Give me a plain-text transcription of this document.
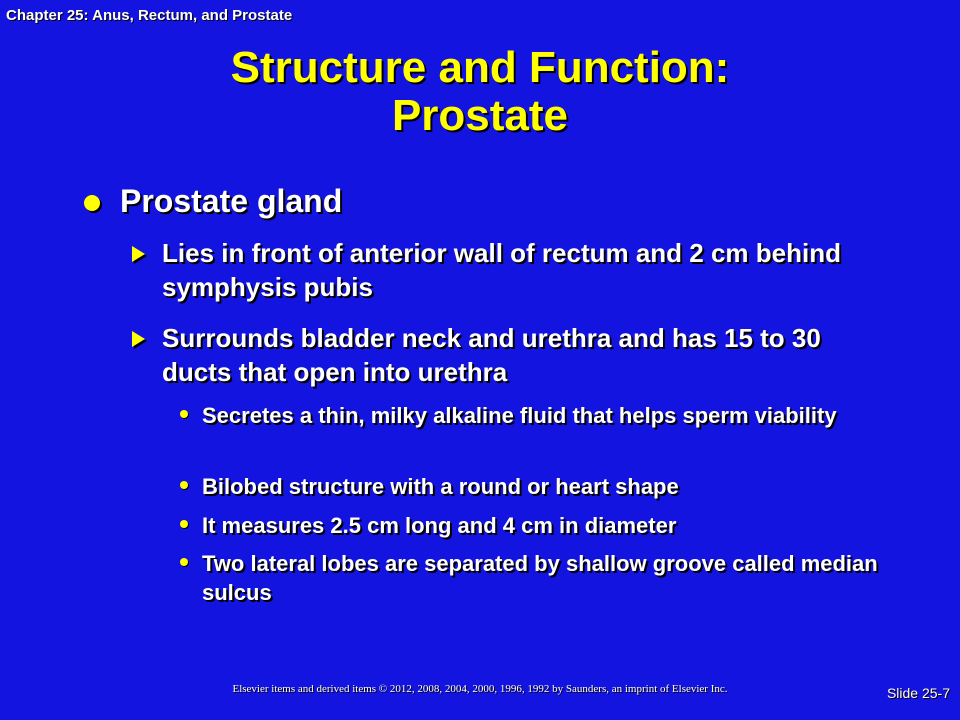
Chapter 25: Anus, Rectum, and Prostate
Structure and Function:
Prostate
Prostate gland
Lies in front of anterior wall of rectum and 2 cm behind symphysis pubis
Surrounds bladder neck and urethra and has 15 to 30 ducts that open into urethra
Secretes a thin, milky alkaline fluid that helps sperm viability
Bilobed structure with a round or heart shape
It measures 2.5 cm long and 4 cm in diameter
Two lateral lobes are separated by shallow groove called median sulcus
Elsevier items and derived items © 2012, 2008, 2004, 2000, 1996, 1992 by Saunders, an imprint of Elsevier Inc.	Slide 25-7
